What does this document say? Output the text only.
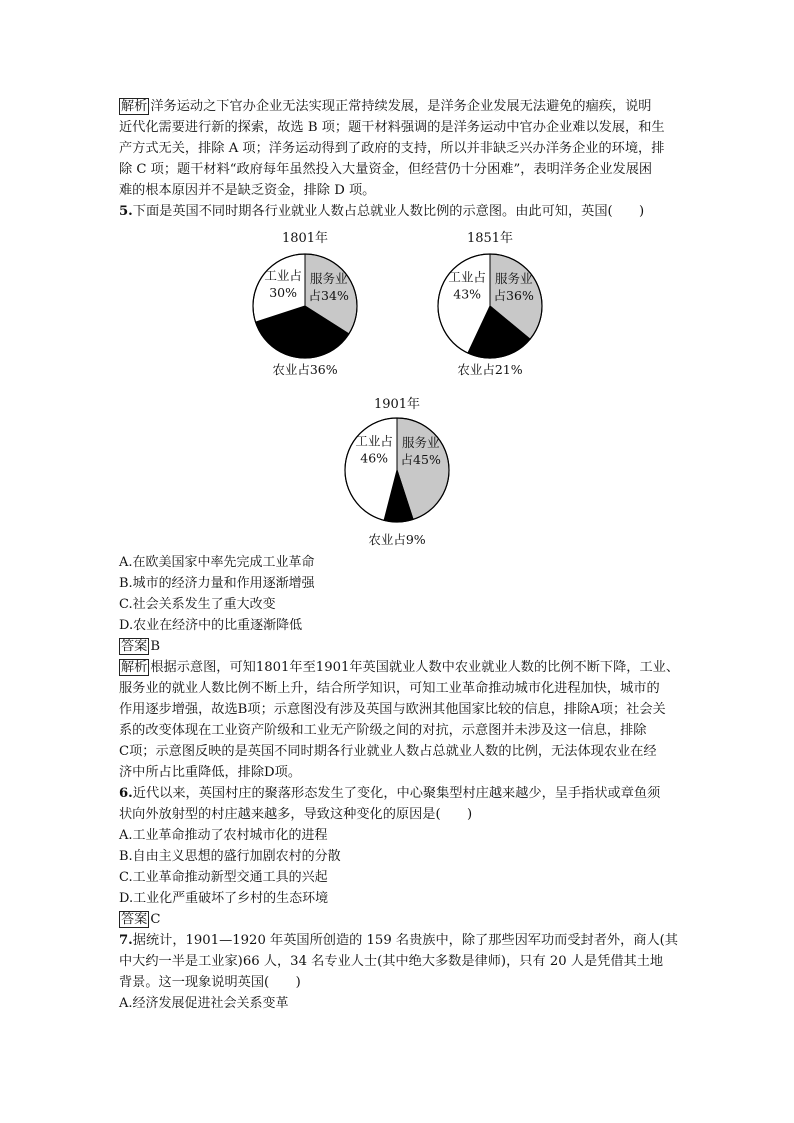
解析 洋务运动之下官办企业无法实现正常持续发展，是洋务企业发展无法避免的痼疾，说明
近代化需要进行新的探索，故选 B 项；题干材料强调的是洋务运动中官办企业难以发展，和生
产方式无关，排除 A 项；洋务运动得到了政府的支持，所以并非缺乏兴办洋务企业的环境，排
除 C 项；题干材料“政府每年虽然投入大量资金，但经营仍十分困难”，表明洋务企业发展困
难的根本原因并不是缺乏资金，排除 D 项。
5.下面是英国不同时期各行业就业人数占总就业人数比例的示意图。由此可知，英国(　　)
1801年
服务业
占34%
农业占36%
工业占
30%
1851年
服务业
占36%
农业占21%
工业占
43%
1901年
服务业
占45%
农业占9%
工业占
46%
A.在欧美国家中率先完成工业革命
B.城市的经济力量和作用逐渐增强
C.社会关系发生了重大改变
D.农业在经济中的比重逐渐降低
答案 B
解析 根据示意图，可知1801年至1901年英国就业人数中农业就业人数的比例不断下降，工业、
服务业的就业人数比例不断上升，结合所学知识，可知工业革命推动城市化进程加快，城市的
作用逐步增强，故选B项；示意图没有涉及英国与欧洲其他国家比较的信息，排除A项；社会关
系的改变体现在工业资产阶级和工业无产阶级之间的对抗，示意图并未涉及这一信息，排除
C项；示意图反映的是英国不同时期各行业就业人数占总就业人数的比例，无法体现农业在经
济中所占比重降低，排除D项。
6.近代以来，英国村庄的聚落形态发生了变化，中心聚集型村庄越来越少，呈手指状或章鱼须
状向外放射型的村庄越来越多，导致这种变化的原因是(　　)
A.工业革命推动了农村城市化的进程
B.自由主义思想的盛行加剧农村的分散
C.工业革命推动新型交通工具的兴起
D.工业化严重破坏了乡村的生态环境
答案 C
7.据统计，1901—1920 年英国所创造的 159 名贵族中，除了那些因军功而受封者外，商人(其
中大约一半是工业家)66 人，34 名专业人士(其中绝大多数是律师)，只有 20 人是凭借其土地
背景。这一现象说明英国(　　)
A.经济发展促进社会关系变革
